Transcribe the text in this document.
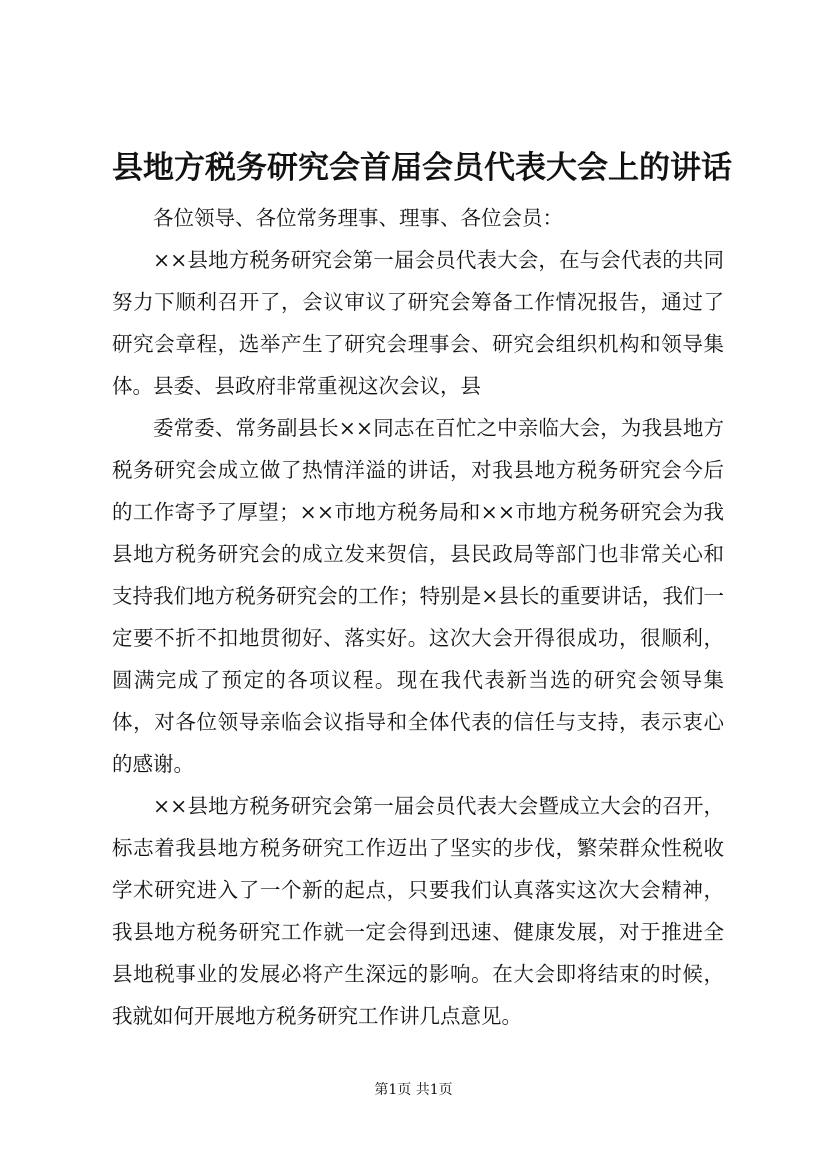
县地方税务研究会首届会员代表大会上的讲话

各位领导、各位常务理事、理事、各位会员：

××县地方税务研究会第一届会员代表大会，在与会代表的共同努力下顺利召开了，会议审议了研究会筹备工作情况报告，通过了研究会章程，选举产生了研究会理事会、研究会组织机构和领导集体。县委、县政府非常重视这次会议，县

委常委、常务副县长××同志在百忙之中亲临大会，为我县地方税务研究会成立做了热情洋溢的讲话，对我县地方税务研究会今后的工作寄予了厚望；××市地方税务局和××市地方税务研究会为我县地方税务研究会的成立发来贺信，县民政局等部门也非常关心和支持我们地方税务研究会的工作；特别是×县长的重要讲话，我们一定要不折不扣地贯彻好、落实好。这次大会开得很成功，很顺利，圆满完成了预定的各项议程。现在我代表新当选的研究会领导集体，对各位领导亲临会议指导和全体代表的信任与支持，表示衷心的感谢。

××县地方税务研究会第一届会员代表大会暨成立大会的召开，标志着我县地方税务研究工作迈出了坚实的步伐，繁荣群众性税收学术研究进入了一个新的起点，只要我们认真落实这次大会精神，我县地方税务研究工作就一定会得到迅速、健康发展，对于推进全县地税事业的发展必将产生深远的影响。在大会即将结束的时候，我就如何开展地方税务研究工作讲几点意见。

第1页 共1页
